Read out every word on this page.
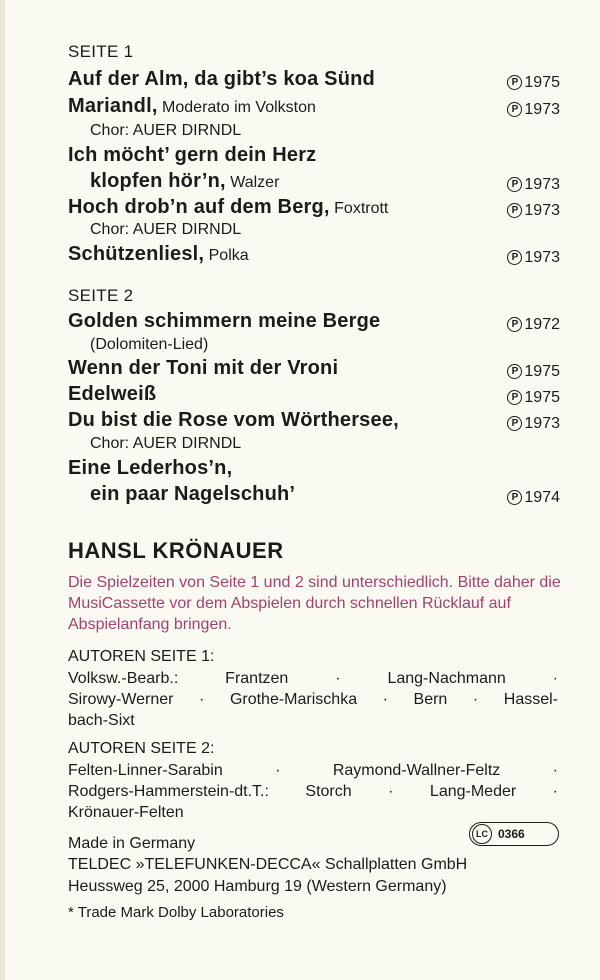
SEITE 1
Auf der Alm, da gibt’s koa Sünd	P 1975
Mariandl, Moderato im Volkston	P 1973
Chor: AUER DIRNDL
Ich möcht’ gern dein Herz
klopfen hör’n, Walzer	P 1973
Hoch drob’n auf dem Berg, Foxtrott	P 1973
Chor: AUER DIRNDL
Schützenliesl, Polka	P 1973
SEITE 2
Golden schimmern meine Berge	P 1972
(Dolomiten-Lied)
Wenn der Toni mit der Vroni	P 1975
Edelweiß	P 1975
Du bist die Rose vom Wörthersee,	P 1973
Chor: AUER DIRNDL
Eine Lederhos’n,
ein paar Nagelschuh’	P 1974
HANSL KRÖNAUER
Die Spielzeiten von Seite 1 und 2 sind unterschiedlich. Bitte daher die MusiCassette vor dem Abspielen durch schnellen Rücklauf auf Abspielanfang bringen.
AUTOREN SEITE 1:
Volksw.-Bearb.: Frantzen · Lang-Nachmann ·
Sirowy-Werner · Grothe-Marischka · Bern · Hassel-
bach-Sixt
AUTOREN SEITE 2:
Felten-Linner-Sarabin · Raymond-Wallner-Feltz ·
Rodgers-Hammerstein-dt.T.: Storch · Lang-Meder ·
Krönauer-Felten
Made in Germany
LC 0366
TELDEC »TELEFUNKEN-DECCA« Schallplatten GmbH
Heussweg 25, 2000 Hamburg 19 (Western Germany)
* Trade Mark Dolby Laboratories
